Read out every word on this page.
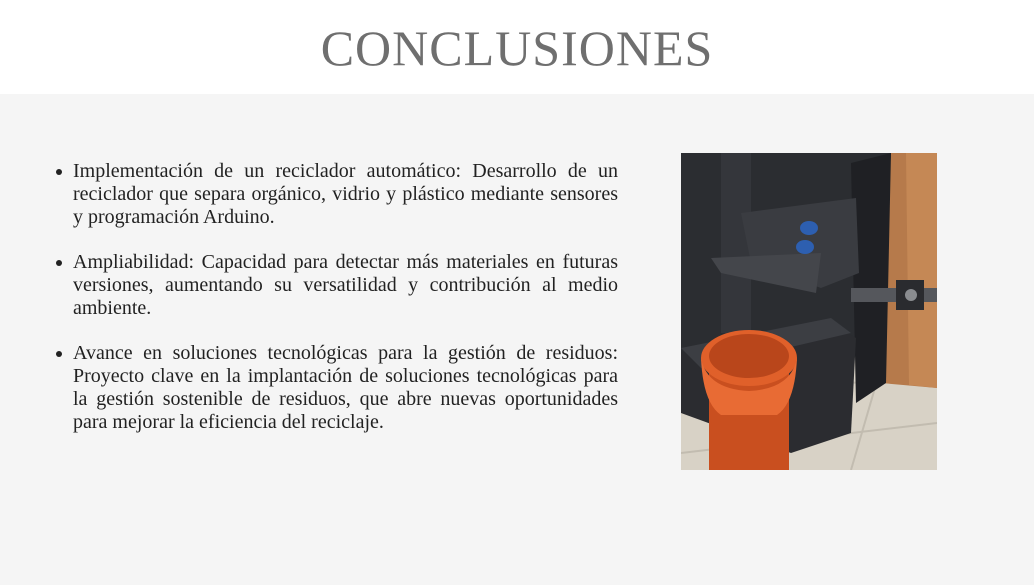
CONCLUSIONES
Implementación de un reciclador automático: Desarrollo de un reciclador que separa orgánico, vidrio y plástico mediante sensores y programación Arduino.
Ampliabilidad: Capacidad para detectar más materiales en futuras versiones, aumentando su versatilidad y contribución al medio ambiente.
Avance en soluciones tecnológicas para la gestión de residuos: Proyecto clave en la implantación de soluciones tecnológicas para la gestión sostenible de residuos, que abre nuevas oportunidades para mejorar la eficiencia del reciclaje.
